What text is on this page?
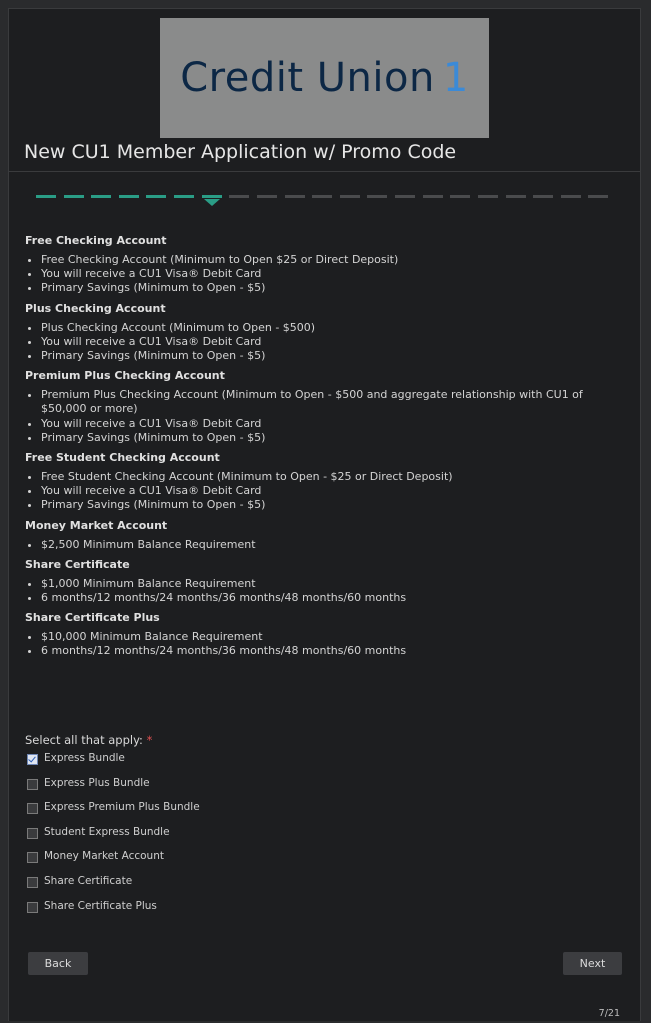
Credit Union 1
New CU1 Member Application w/ Promo Code
Free Checking Account
• Free Checking Account (Minimum to Open $25 or Direct Deposit)
• You will receive a CU1 Visa® Debit Card
• Primary Savings (Minimum to Open - $5)
Plus Checking Account
• Plus Checking Account (Minimum to Open - $500)
• You will receive a CU1 Visa® Debit Card
• Primary Savings (Minimum to Open - $5)
Premium Plus Checking Account
• Premium Plus Checking Account (Minimum to Open - $500 and aggregate relationship with CU1 of $50,000 or more)
• You will receive a CU1 Visa® Debit Card
• Primary Savings (Minimum to Open - $5)
Free Student Checking Account
• Free Student Checking Account (Minimum to Open - $25 or Direct Deposit)
• You will receive a CU1 Visa® Debit Card
• Primary Savings (Minimum to Open - $5)
Money Market Account
• $2,500 Minimum Balance Requirement
Share Certificate
• $1,000 Minimum Balance Requirement
• 6 months/12 months/24 months/36 months/48 months/60 months
Share Certificate Plus
• $10,000 Minimum Balance Requirement
• 6 months/12 months/24 months/36 months/48 months/60 months
Select all that apply: *
Express Bundle
Express Plus Bundle
Express Premium Plus Bundle
Student Express Bundle
Money Market Account
Share Certificate
Share Certificate Plus
Back	Next
7/21
